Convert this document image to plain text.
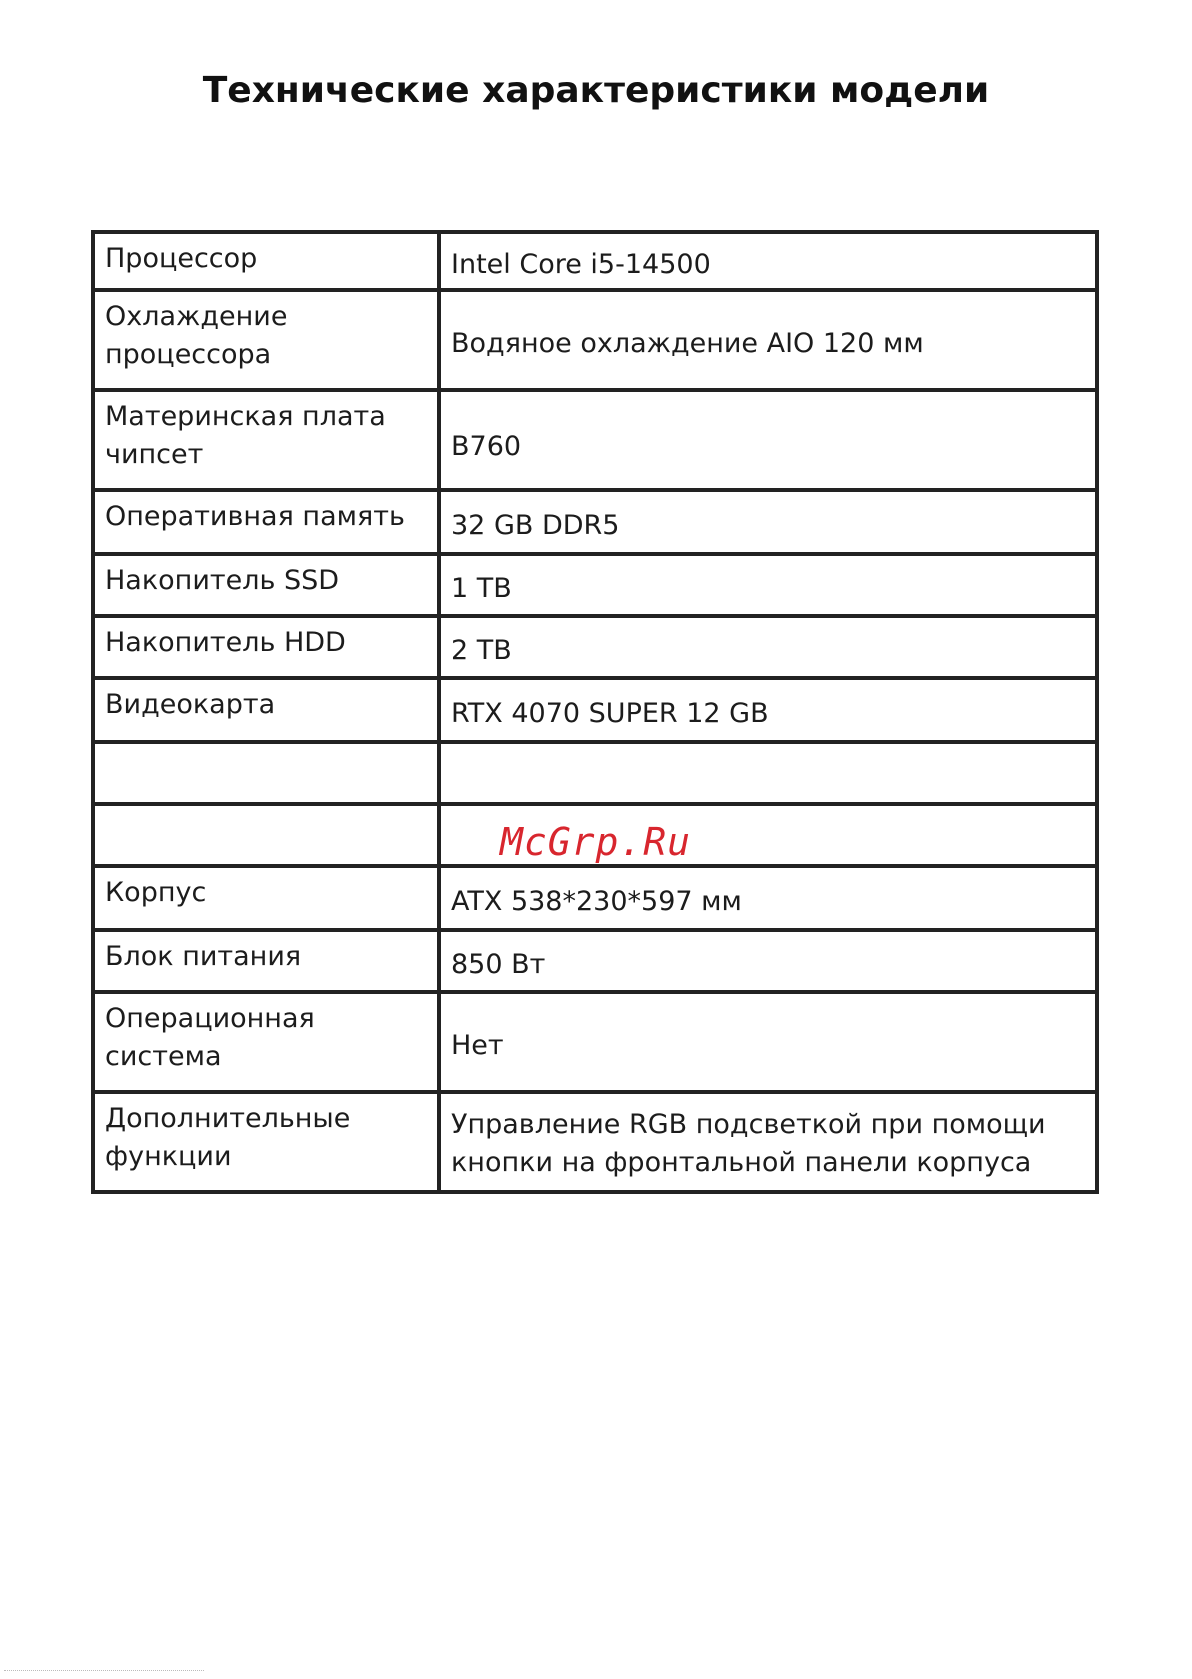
Технические характеристики модели
Процессор	Intel Core i5-14500
Охлаждение
процессора	Водяное охлаждение AIO 120 мм
Материнская плата
чипсет	B760
Оперативная память	32 GB DDR5
Накопитель SSD	1 TB
Накопитель HDD	2 TB
Видеокарта	RTX 4070 SUPER 12 GB

Корпус	ATX 538*230*597 мм
Блок питания	850 Вт
Операционная
система	Нет
Дополнительные
функции	Управление RGB подсветкой при помощи кнопки на фронтальной панели корпуса
McGrp.Ru
